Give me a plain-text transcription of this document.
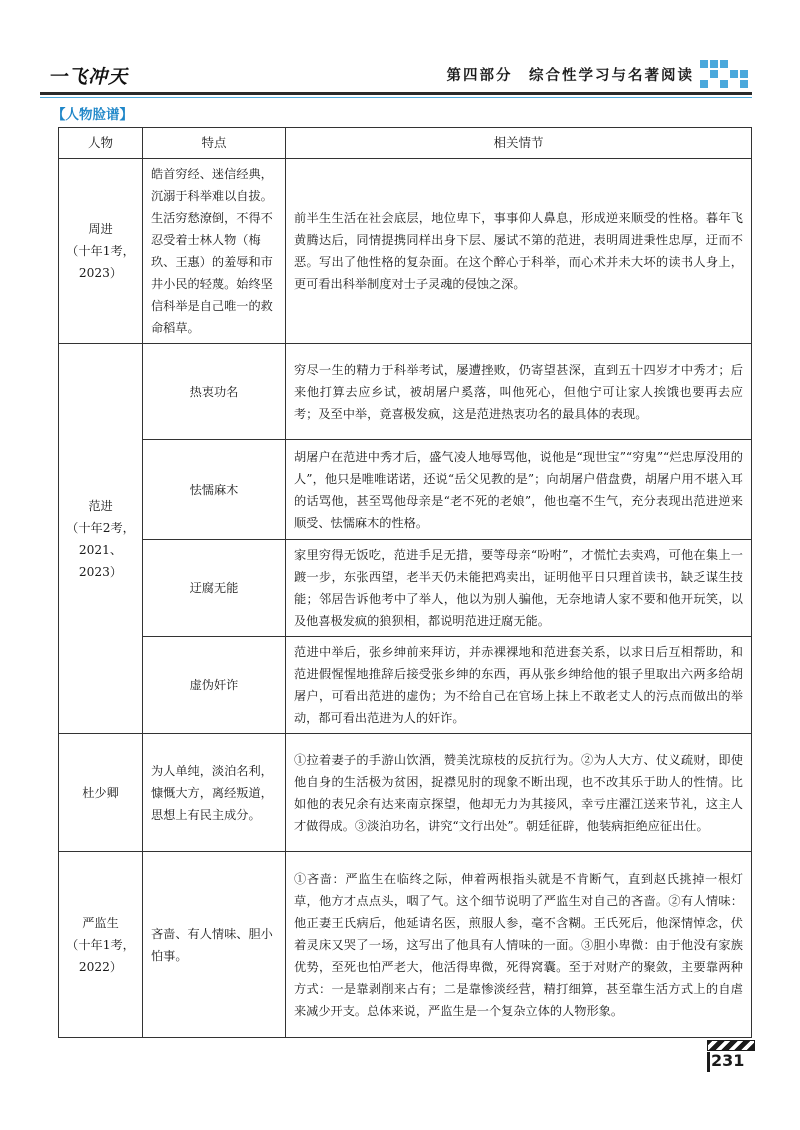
一飞冲天	第四部分　综合性学习与名著阅读
【人物脸谱】
人物	特点	相关情节

周进
（十年1考，2023）	皓首穷经、迷信经典，沉溺于科举难以自拔。生活穷愁潦倒，不得不忍受着士林人物（梅玖、王惠）的羞辱和市井小民的轻蔑。始终坚信科举是自己唯一的救命稻草。	前半生生活在社会底层，地位卑下，事事仰人鼻息，形成逆来顺受的性格。暮年飞黄腾达后，同情提携同样出身下层、屡试不第的范进，表明周进秉性忠厚，迂而不恶。写出了他性格的复杂面。在这个醉心于科举，而心术并未大坏的读书人身上，更可看出科举制度对士子灵魂的侵蚀之深。

范进
（十年2考，2021、2023）	热衷功名	穷尽一生的精力于科举考试，屡遭挫败，仍寄望甚深，直到五十四岁才中秀才；后来他打算去应乡试，被胡屠户奚落，叫他死心，但他宁可让家人挨饿也要再去应考；及至中举，竟喜极发疯，这是范进热衷功名的最具体的表现。
	怯懦麻木	胡屠户在范进中秀才后，盛气凌人地辱骂他，说他是“现世宝”“穷鬼”“烂忠厚没用的人”，他只是唯唯诺诺，还说“岳父见教的是”；向胡屠户借盘费，胡屠户用不堪入耳的话骂他，甚至骂他母亲是“老不死的老娘”，他也毫不生气，充分表现出范进逆来顺受、怯懦麻木的性格。
	迂腐无能	家里穷得无饭吃，范进手足无措，要等母亲“吩咐”，才慌忙去卖鸡，可他在集上一踱一步，东张西望，老半天仍未能把鸡卖出，证明他平日只理首读书，缺乏谋生技能；邻居告诉他考中了举人，他以为别人骗他，无奈地请人家不要和他开玩笑，以及他喜极发疯的狼狈相，都说明范进迂腐无能。
	虚伪奸诈	范进中举后，张乡绅前来拜访，并赤裸裸地和范进套关系，以求日后互相帮助，和范进假惺惺地推辞后接受张乡绅的东西，再从张乡绅给他的银子里取出六两多给胡屠户，可看出范进的虚伪；为不给自己在官场上抹上不敢老丈人的污点而做出的举动，都可看出范进为人的奸诈。

杜少卿	为人单纯，淡泊名利，慷慨大方，离经叛道，思想上有民主成分。	①拉着妻子的手游山饮酒，赞美沈琼枝的反抗行为。②为人大方、仗义疏财，即使他自身的生活极为贫困，捉襟见肘的现象不断出现，也不改其乐于助人的性情。比如他的表兄余有达来南京探望，他却无力为其接风，幸亏庄濯江送来节礼，这主人才做得成。③淡泊功名，讲究“文行出处”。朝廷征辟，他装病拒绝应征出仕。

严监生
（十年1考，2022）	吝啬、有人情味、胆小怕事。	①吝啬：严监生在临终之际，伸着两根指头就是不肯断气，直到赵氏挑掉一根灯草，他方才点点头，咽了气。这个细节说明了严监生对自己的吝啬。②有人情味：他正妻王氏病后，他延请名医，煎服人参，毫不含糊。王氏死后，他深情悼念，伏着灵床又哭了一场，这写出了他具有人情味的一面。③胆小卑微：由于他没有家族优势，至死也怕严老大，他活得卑微，死得窝囊。至于对财产的聚敛，主要靠两种方式：一是靠剥削来占有；二是靠惨淡经营，精打细算，甚至靠生活方式上的自虐来减少开支。总体来说，严监生是一个复杂立体的人物形象。
231
